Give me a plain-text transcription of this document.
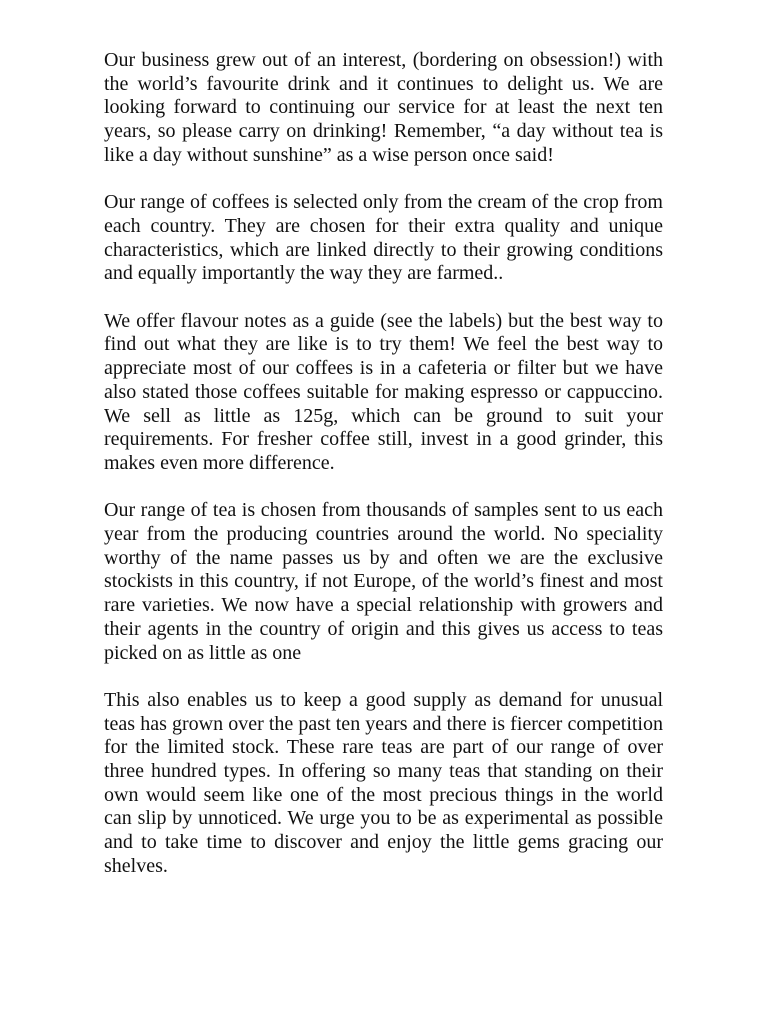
Our business grew out of an interest, (bordering on obsession!) with the world’s favourite drink and it continues to delight us. We are looking forward to continuing our service for at least the next ten years, so please carry on drinking! Remember, “a day without tea is like a day without sunshine” as a wise person once said!

Our range of coffees is selected only from the cream of the crop from each country. They are chosen for their extra quality and unique characteristics, which are linked directly to their growing conditions and equally importantly the way they are farmed..

We offer flavour notes as a guide (see the labels) but the best way to find out what they are like is to try them! We feel the best way to appreciate most of our coffees is in a cafeteria or filter but we have also stated those coffees suitable for making espresso or cappuccino. We sell as little as 125g, which can be ground to suit your requirements. For fresher coffee still, invest in a good grinder, this makes even more difference.

Our range of tea is chosen from thousands of samples sent to us each year from the producing countries around the world. No speciality worthy of the name passes us by and often we are the exclusive stockists in this country, if not Europe, of the world’s finest and most rare varieties. We now have a special relationship with growers and their agents in the country of origin and this gives us access to teas picked on as little as one

This also enables us to keep a good supply as demand for unusual teas has grown over the past ten years and there is fiercer competition for the limited stock. These rare teas are part of our range of over three hundred types. In offering so many teas that standing on their own would seem like one of the most precious things in the world can slip by unnoticed. We urge you to be as experimental as possible and to take time to discover and enjoy the little gems gracing our shelves.
